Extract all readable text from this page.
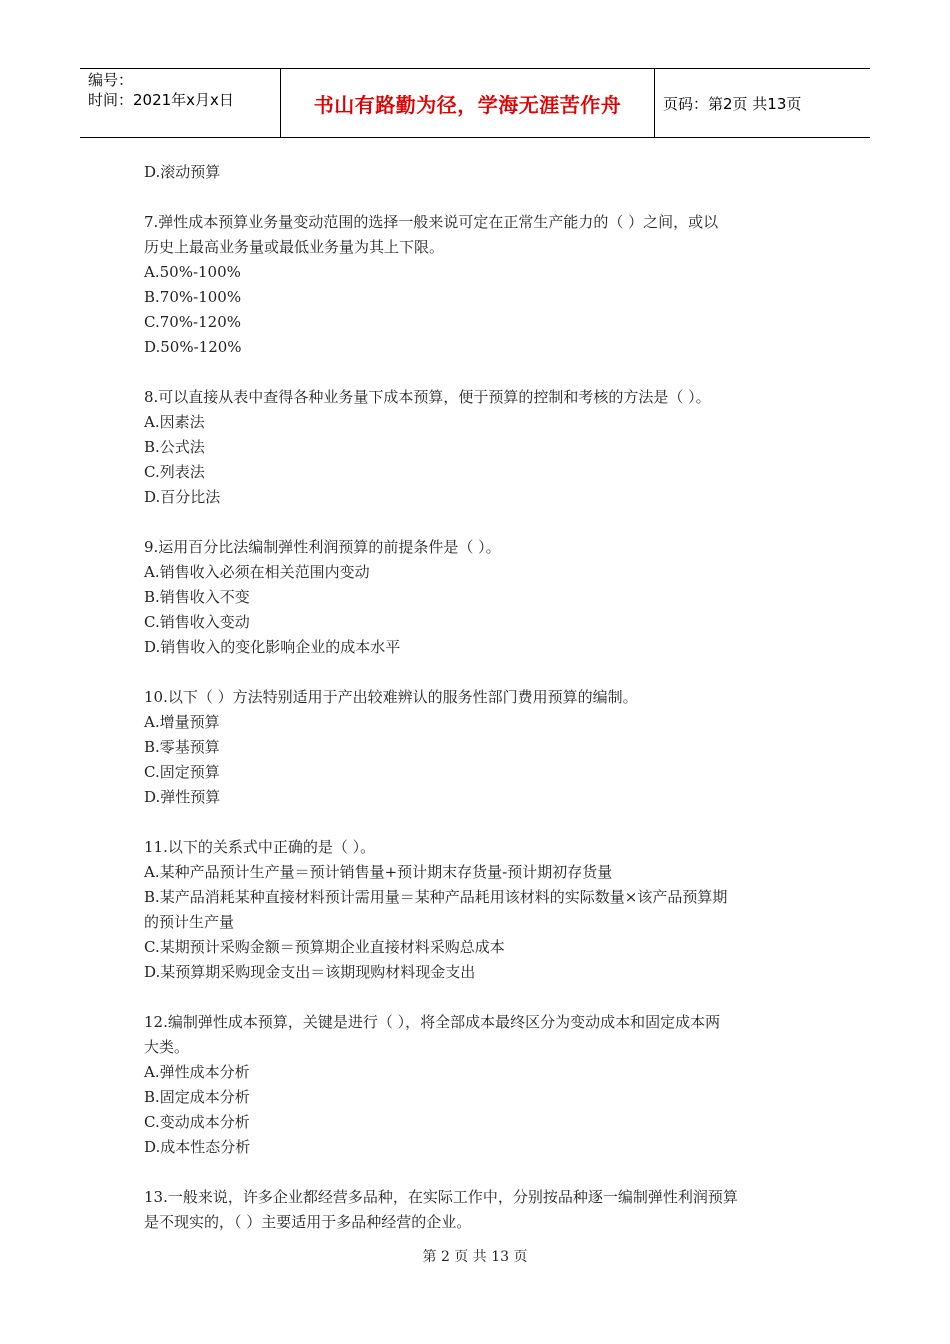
编号：
时间：2021年x月x日	书山有路勤为径，学海无涯苦作舟	页码：第2页 共13页

D.滚动预算

7.弹性成本预算业务量变动范围的选择一般来说可定在正常生产能力的（ ）之间，或以

历史上最高业务量或最低业务量为其上下限。

A.50%-100%

B.70%-100%

C.70%-120%

D.50%-120%

8.可以直接从表中查得各种业务量下成本预算，便于预算的控制和考核的方法是（ ）。

A.因素法

B.公式法

C.列表法

D.百分比法

9.运用百分比法编制弹性利润预算的前提条件是（ ）。

A.销售收入必须在相关范围内变动

B.销售收入不变

C.销售收入变动

D.销售收入的变化影响企业的成本水平

10.以下（ ）方法特别适用于产出较难辨认的服务性部门费用预算的编制。

A.增量预算

B.零基预算

C.固定预算

D.弹性预算

11.以下的关系式中正确的是（ ）。

A.某种产品预计生产量＝预计销售量+预计期末存货量-预计期初存货量

B.某产品消耗某种直接材料预计需用量＝某种产品耗用该材料的实际数量×该产品预算期

的预计生产量

C.某期预计采购金额＝预算期企业直接材料采购总成本

D.某预算期采购现金支出＝该期现购材料现金支出

12.编制弹性成本预算，关键是进行（ ），将全部成本最终区分为变动成本和固定成本两

大类。

A.弹性成本分析

B.固定成本分析

C.变动成本分析

D.成本性态分析

13.一般来说，许多企业都经营多品种，在实际工作中，分别按品种逐一编制弹性利润预算

是不现实的，（ ）主要适用于多品种经营的企业。

第 2 页 共 13 页
